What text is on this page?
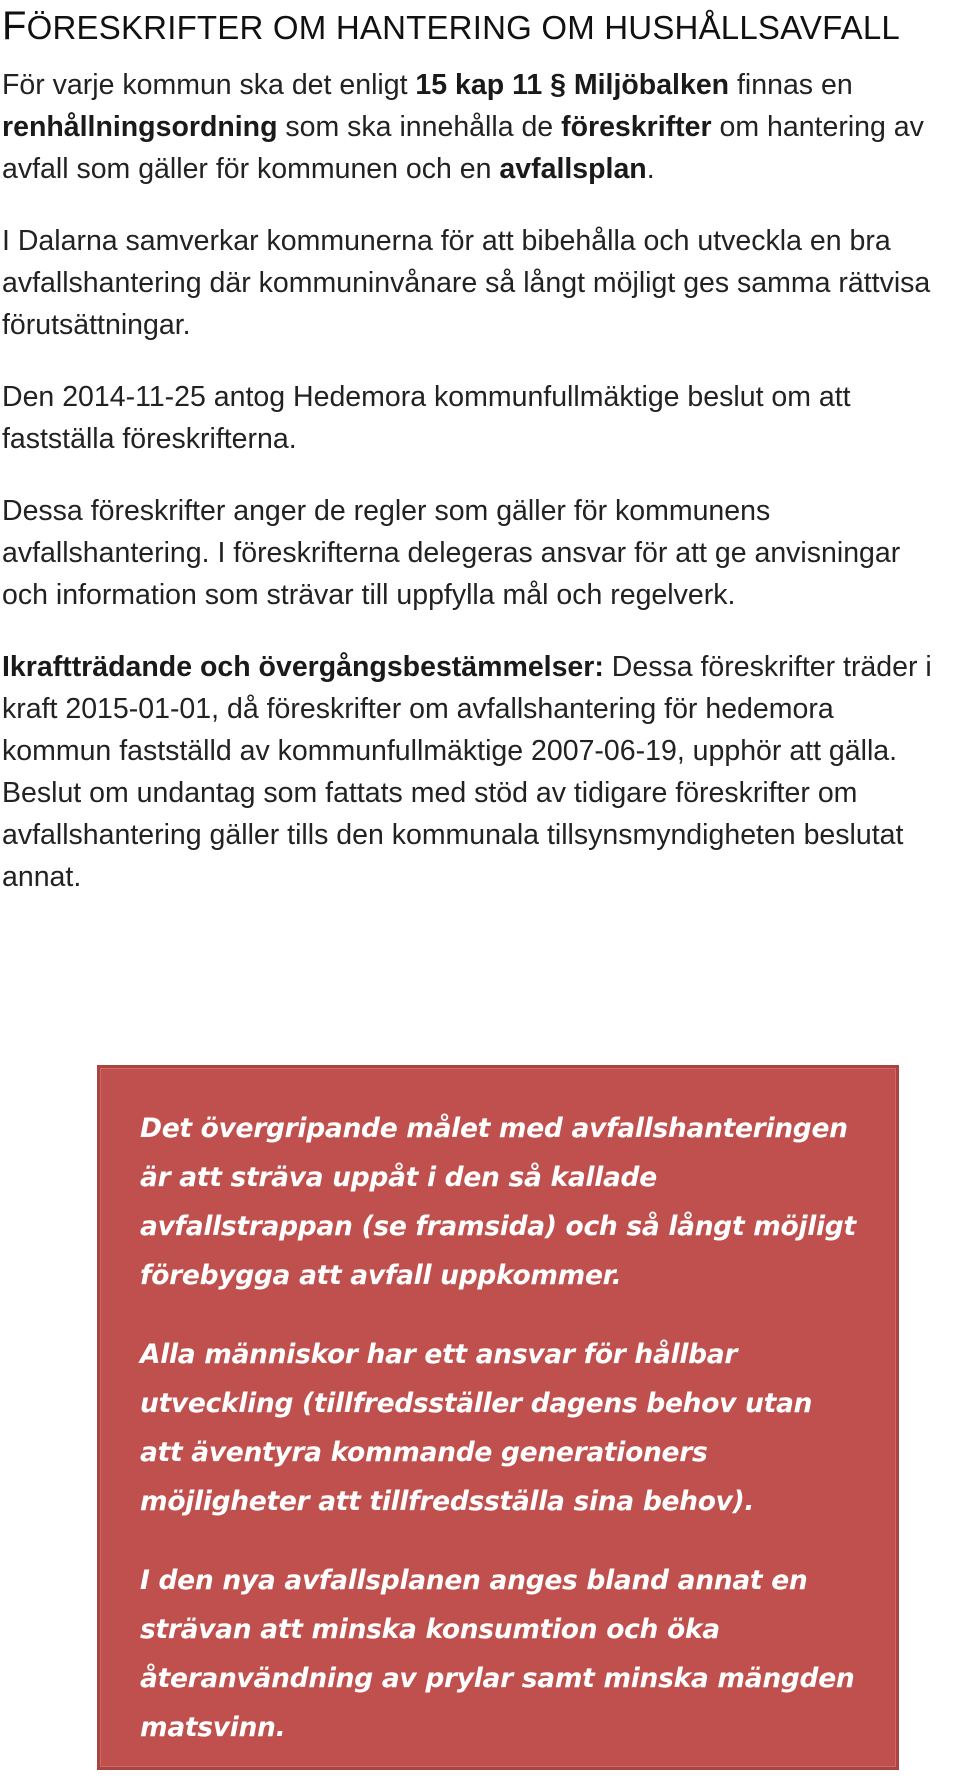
FÖRESKRIFTER OM HANTERING OM HUSHÅLLSAVFALL

För varje kommun ska det enligt 15 kap 11 § Miljöbalken finnas en renhållningsordning som ska innehålla de föreskrifter om hantering av avfall som gäller för kommunen och en avfallsplan.

I Dalarna samverkar kommunerna för att bibehålla och utveckla en bra avfallshantering där kommuninvånare så långt möjligt ges samma rättvisa förutsättningar.

Den 2014-11-25 antog Hedemora kommunfullmäktige beslut om att fastställa föreskrifterna.

Dessa föreskrifter anger de regler som gäller för kommunens avfallshantering. I föreskrifterna delegeras ansvar för att ge anvisningar och information som strävar till uppfylla mål och regelverk.

Ikraftträdande och övergångsbestämmelser: Dessa föreskrifter träder i kraft 2015-01-01, då föreskrifter om avfallshantering för hedemora kommun fastställd av kommunfullmäktige 2007-06-19, upphör att gälla. Beslut om undantag som fattats med stöd av tidigare föreskrifter om avfallshantering gäller tills den kommunala tillsynsmyndigheten beslutat annat.

Det övergripande målet med avfallshanteringen är att sträva uppåt i den så kallade avfallstrappan (se framsida) och så långt möjligt förebygga att avfall uppkommer.

Alla människor har ett ansvar för hållbar utveckling (tillfredsställer dagens behov utan att äventyra kommande generationers möjligheter att tillfredsställa sina behov).

I den nya avfallsplanen anges bland annat en strävan att minska konsumtion och öka återanvändning av prylar samt minska mängden matsvinn.
